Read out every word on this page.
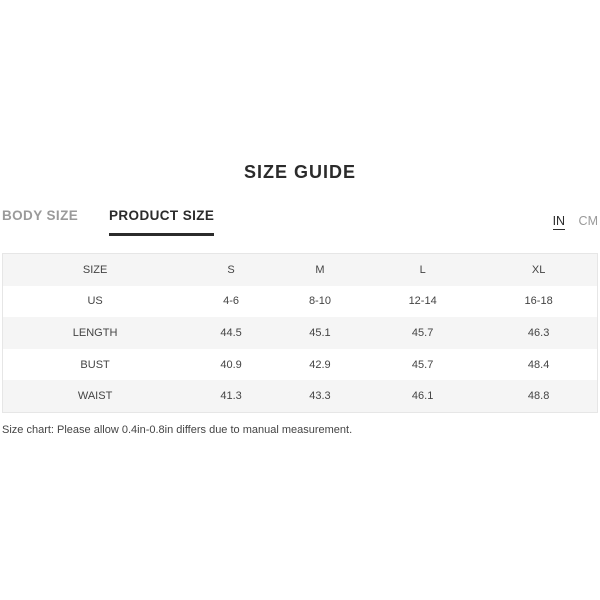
SIZE GUIDE
BODY SIZE PRODUCT SIZE	IN CM
SIZE	S	M	L	XL
US	4-6	8-10	12-14	16-18
LENGTH	44.5	45.1	45.7	46.3
BUST	40.9	42.9	45.7	48.4
WAIST	41.3	43.3	46.1	48.8
Size chart: Please allow 0.4in-0.8in differs due to manual measurement.
